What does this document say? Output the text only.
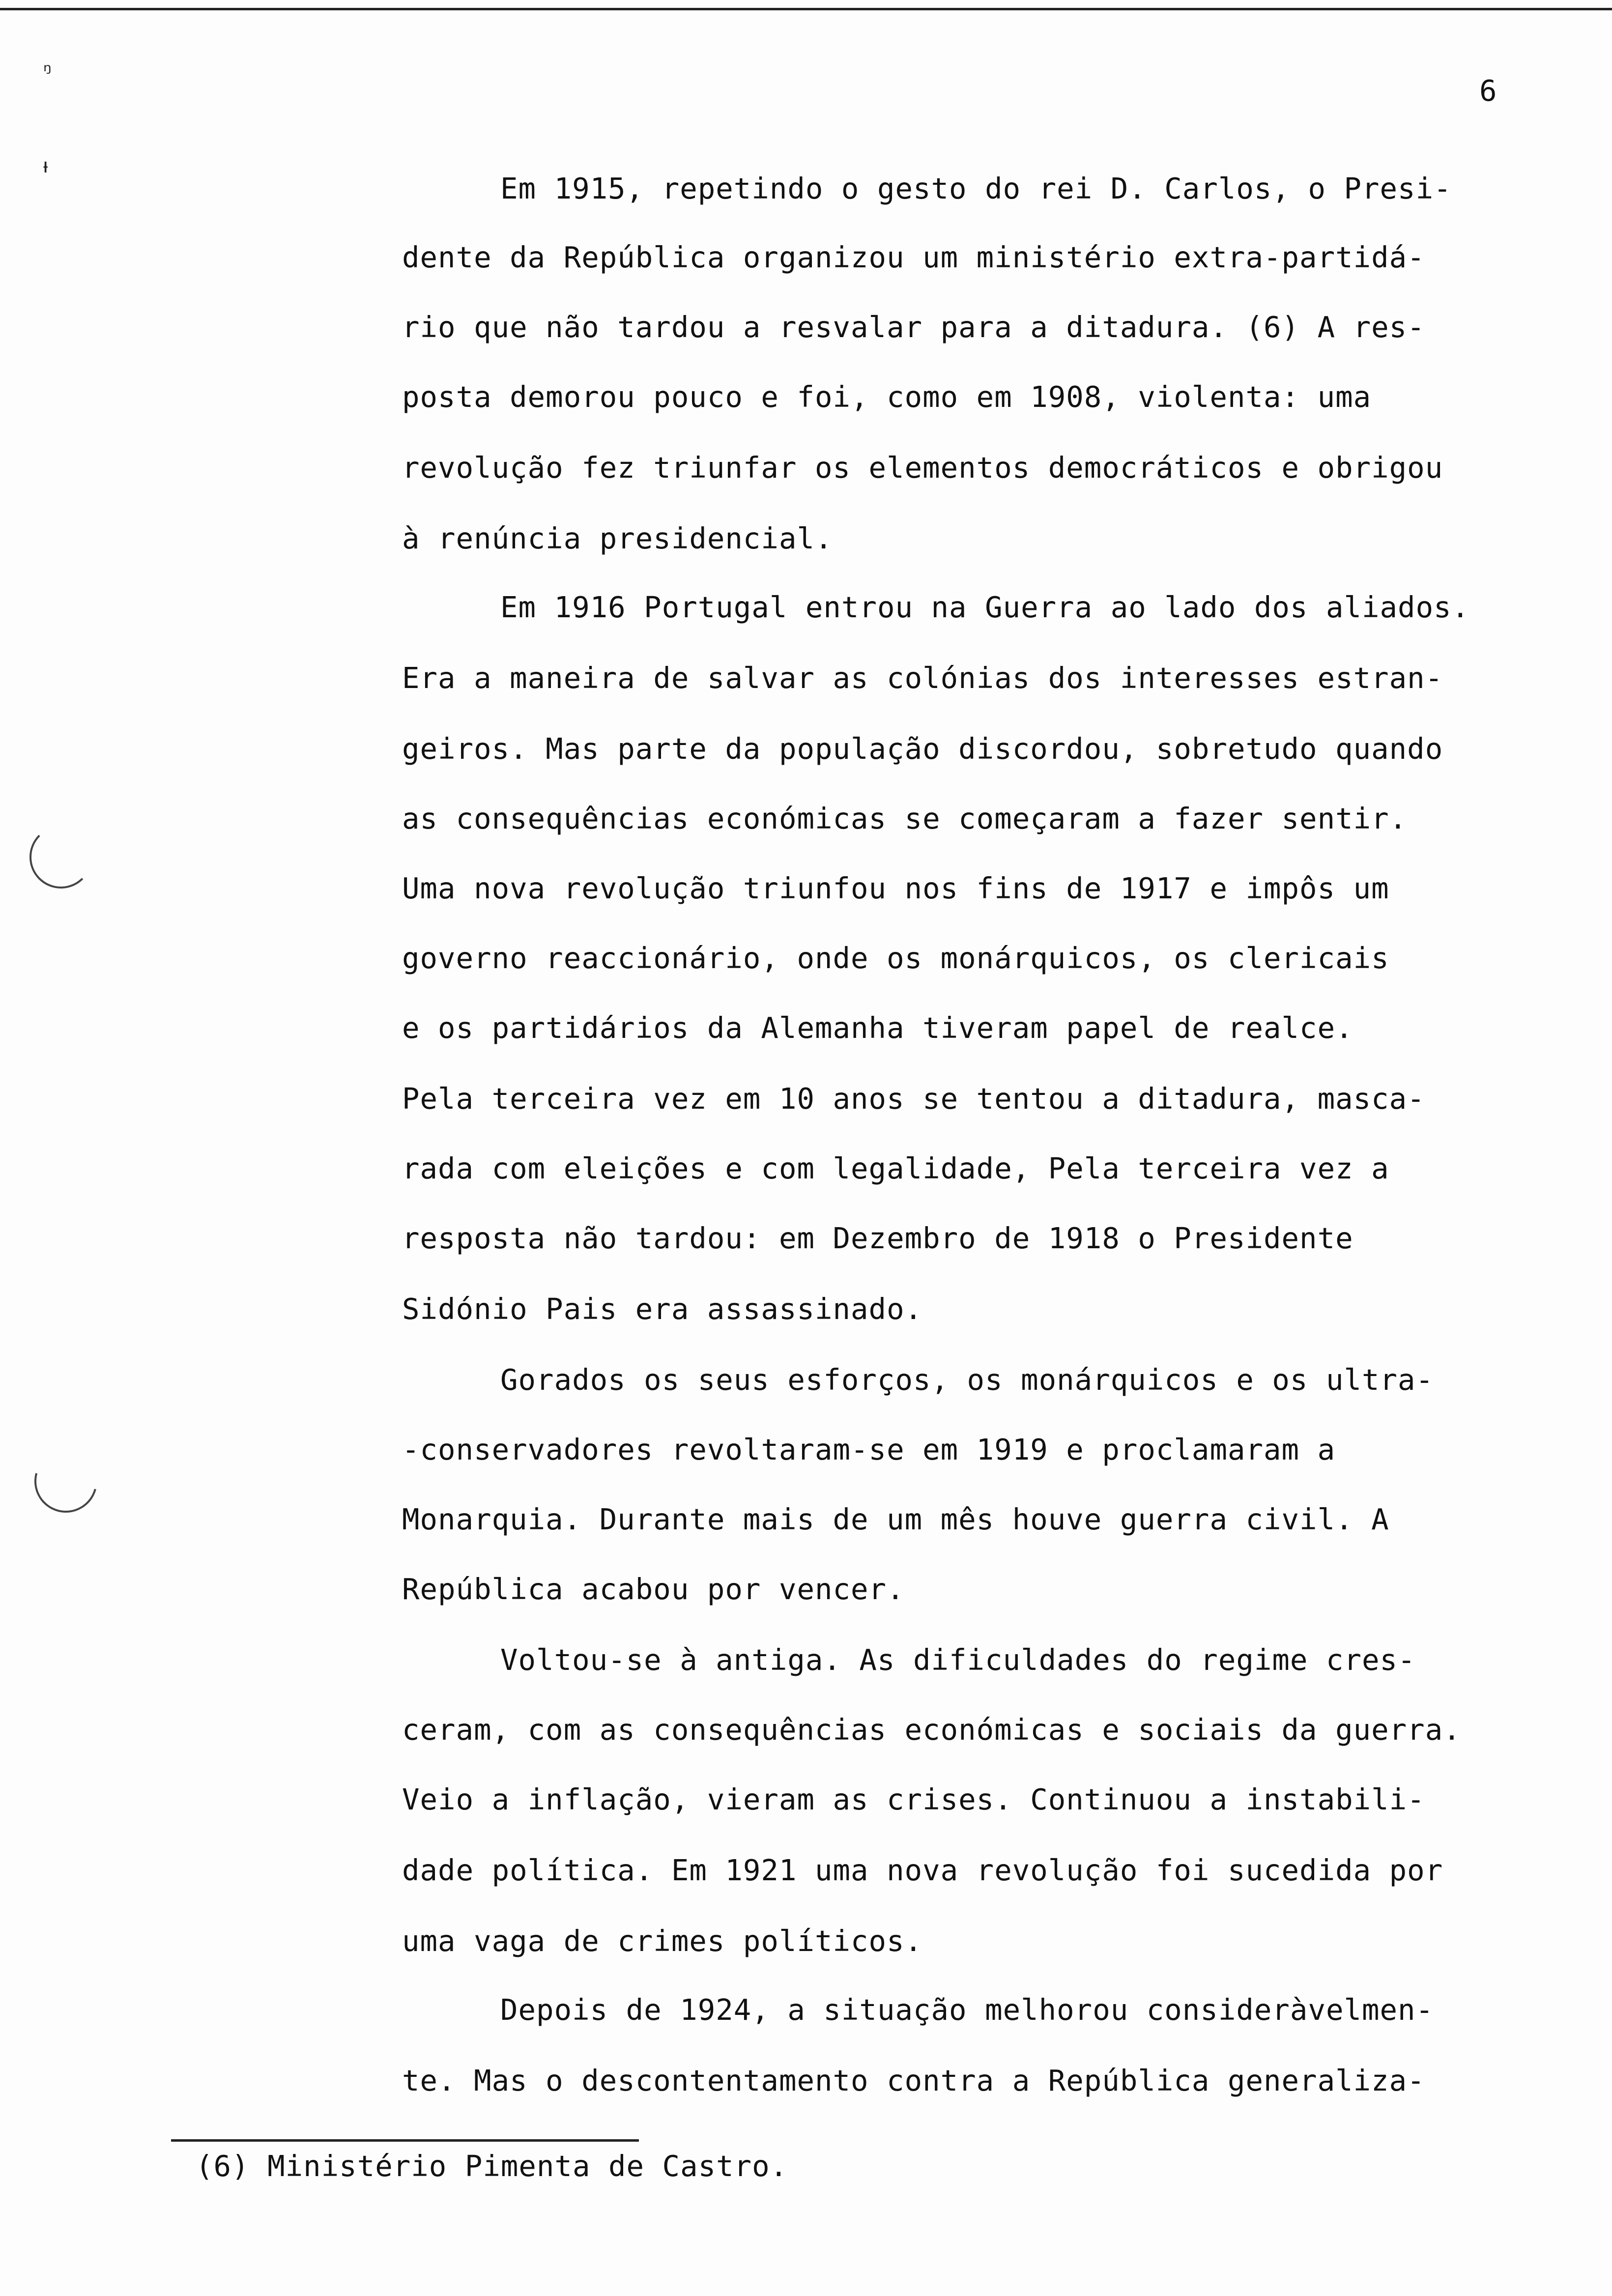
ᵑ
ᵼ
6
Em 1915, repetindo o gesto do rei D. Carlos, o Presi-
dente da República organizou um ministério extra-partidá-
rio que não tardou a resvalar para a ditadura. (6) A res-
posta demorou pouco e foi, como em 1908, violenta: uma
revolução fez triunfar os elementos democráticos e obrigou
à renúncia presidencial.
Em 1916 Portugal entrou na Guerra ao lado dos aliados.
Era a maneira de salvar as colónias dos interesses estran-
geiros. Mas parte da população discordou, sobretudo quando
as consequências económicas se começaram a fazer sentir.
Uma nova revolução triunfou nos fins de 1917 e impôs um
governo reaccionário, onde os monárquicos, os clericais
e os partidários da Alemanha tiveram papel de realce.
Pela terceira vez em 10 anos se tentou a ditadura, masca-
rada com eleições e com legalidade, Pela terceira vez a
resposta não tardou: em Dezembro de 1918 o Presidente
Sidónio Pais era assassinado.
Gorados os seus esforços, os monárquicos e os ultra-
-conservadores revoltaram-se em 1919 e proclamaram a
Monarquia. Durante mais de um mês houve guerra civil. A
República acabou por vencer.
Voltou-se à antiga. As dificuldades do regime cres-
ceram, com as consequências económicas e sociais da guerra.
Veio a inflação, vieram as crises. Continuou a instabili-
dade política. Em 1921 uma nova revolução foi sucedida por
uma vaga de crimes políticos.
Depois de 1924, a situação melhorou consideràvelmen-
te. Mas o descontentamento contra a República generaliza-
(6) Ministério Pimenta de Castro.
